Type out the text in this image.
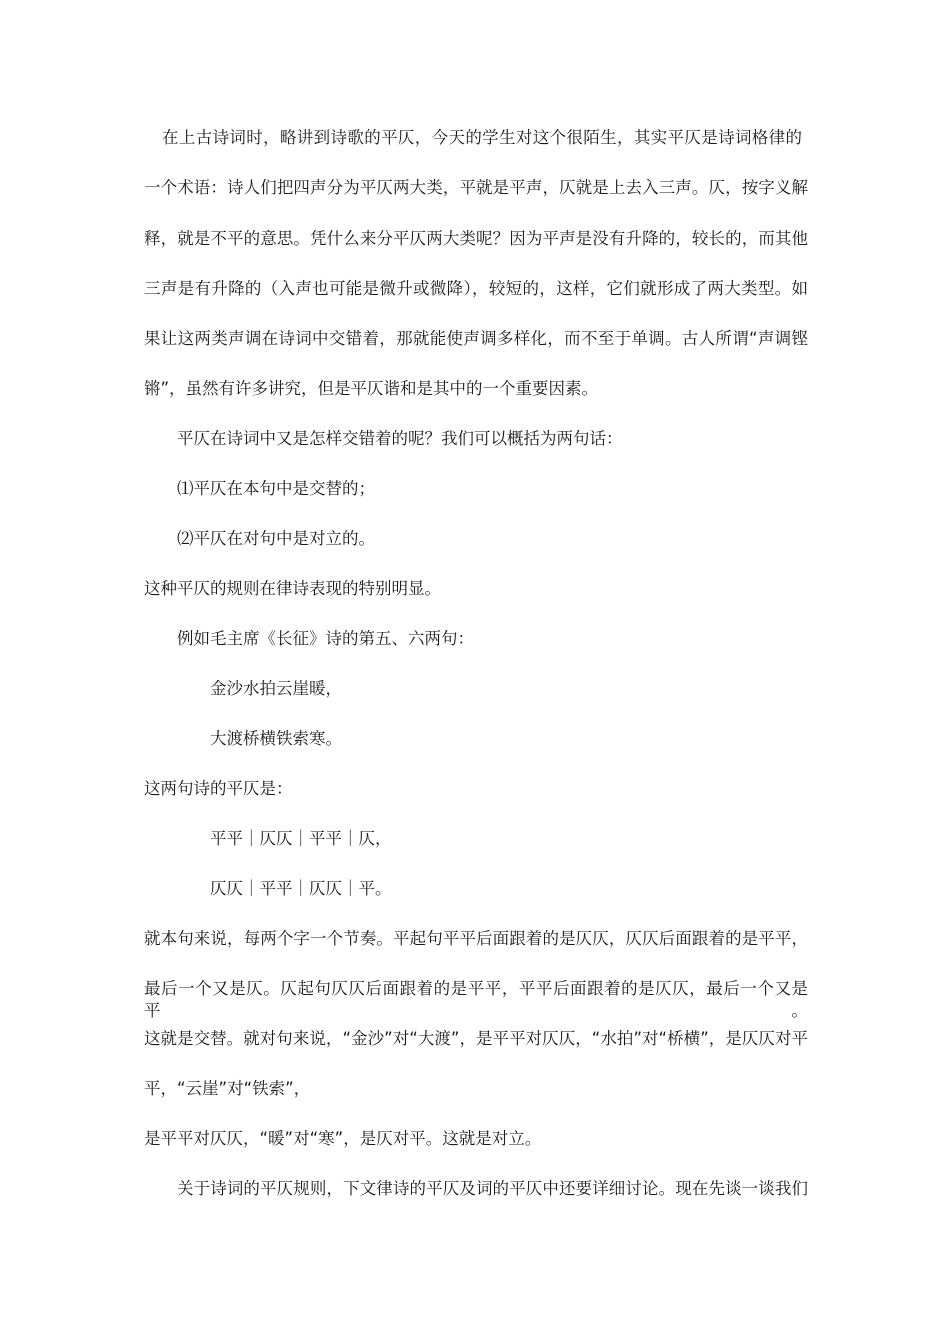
在上古诗词时，略讲到诗歌的平仄，今天的学生对这个很陌生，其实平仄是诗词格律的
一个术语：诗人们把四声分为平仄两大类，平就是平声，仄就是上去入三声。仄，按字义解
释，就是不平的意思。凭什么来分平仄两大类呢？因为平声是没有升降的，较长的，而其他
三声是有升降的（入声也可能是微升或微降），较短的，这样，它们就形成了两大类型。如
果让这两类声调在诗词中交错着，那就能使声调多样化，而不至于单调。古人所谓“声调铿
锵”，虽然有许多讲究，但是平仄谐和是其中的一个重要因素。
平仄在诗词中又是怎样交错着的呢？我们可以概括为两句话：
⑴平仄在本句中是交替的；
⑵平仄在对句中是对立的。
这种平仄的规则在律诗表现的特别明显。
例如毛主席《长征》诗的第五、六两句：
金沙水拍云崖暖，
大渡桥横铁索寒。
这两句诗的平仄是：
平平｜仄仄｜平平｜仄，
仄仄｜平平｜仄仄｜平。
就本句来说，每两个字一个节奏。平起句平平后面跟着的是仄仄，仄仄后面跟着的是平平，
最后一个又是仄。仄起句仄仄后面跟着的是平平，平平后面跟着的是仄仄，最后一个又是平。
这就是交替。就对句来说，“金沙”对“大渡”，是平平对仄仄，“水拍”对“桥横”，是仄仄对平
平，“云崖”对“铁索”，
是平平对仄仄，“暖”对“寒”，是仄对平。这就是对立。
关于诗词的平仄规则，下文律诗的平仄及词的平仄中还要详细讨论。现在先谈一谈我们
